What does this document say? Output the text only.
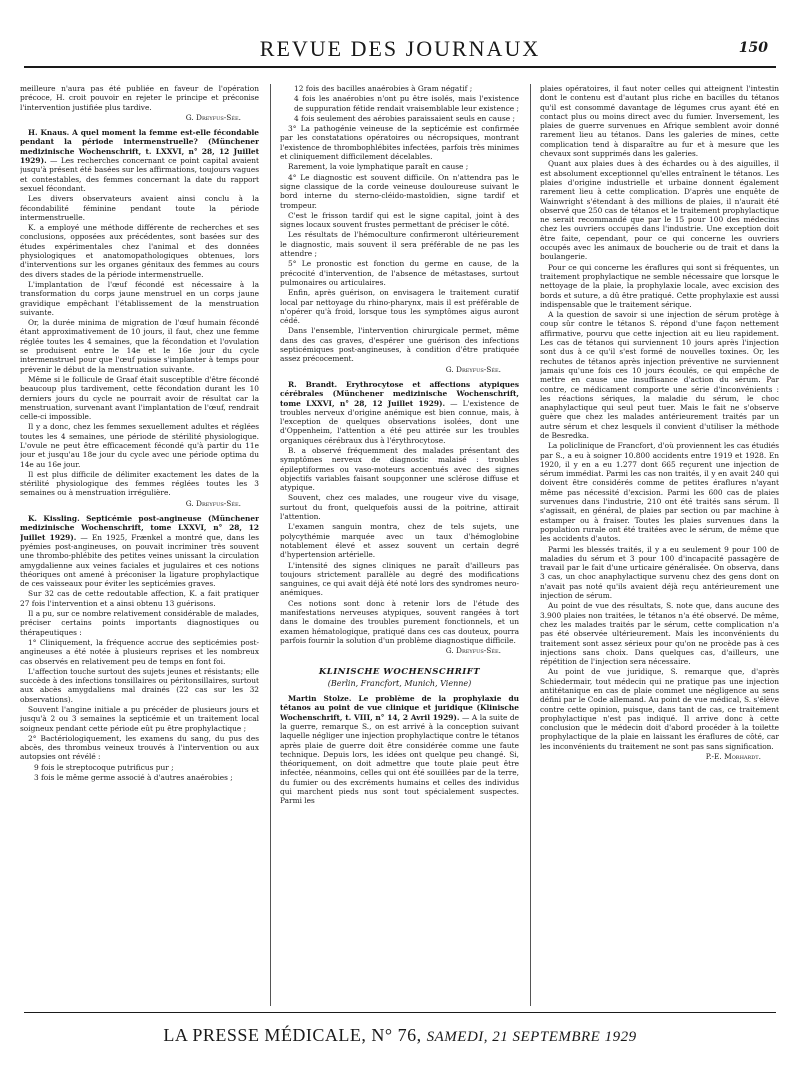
REVUE DES JOURNAUX	150

meilleure n'aura pas été publiée en faveur de l'opération précoce, H. croit pouvoir en rejeter le principe et préconise l'intervention justifiée plus tardive.

G. Dreyfus-Sée.

H. Knaus. A quel moment la femme est-elle fécondable pendant la période intermenstruelle? (Münchener medizinische Wochenschrift, t. LXXVI, n° 28, 12 Juillet 1929). — Les recherches concernant ce point capital avaient jusqu'à présent été basées sur les affirmations, toujours vagues et contestables, des femmes concernant la date du rapport sexuel fécondant.

Les divers observateurs avaient ainsi conclu à la fécondabilité féminine pendant toute la période intermenstruelle.

K. a employé une méthode différente de recherches et ses conclusions, opposées aux précédentes, sont basées sur des études expérimentales chez l'animal et des données physiologiques et anatomopathologiques obtenues, lors d'interventions sur les organes génitaux des femmes au cours des divers stades de la période intermenstruelle.

L'implantation de l'œuf fécondé est nécessaire à la transformation du corps jaune menstruel en un corps jaune gravidique empêchant l'établissement de la menstruation suivante.

Or, la durée minima de migration de l'œuf humain fécondé étant approximativement de 10 jours, il faut, chez une femme réglée toutes les 4 semaines, que la fécondation et l'ovulation se produisent entre le 14e et le 16e jour du cycle intermenstruel pour que l'œuf puisse s'implanter à temps pour prévenir le début de la menstruation suivante.

Même si le follicule de Graaf était susceptible d'être fécondé beaucoup plus tardivement, cette fécondation durant les 10 derniers jours du cycle ne pourrait avoir de résultat car la menstruation, survenant avant l'implantation de l'œuf, rendrait celle-ci impossible.

Il y a donc, chez les femmes sexuellement adultes et réglées toutes les 4 semaines, une période de stérilité physiologique. L'ovule ne peut être efficacement fécondé qu'à partir du 11e jour et jusqu'au 18e jour du cycle avec une période optima du 14e au 16e jour.

Il est plus difficile de délimiter exactement les dates de la stérilité physiologique des femmes réglées toutes les 3 semaines ou à menstruation irrégulière.

G. Dreyfus-Sée.

K. Kissling. Septicémie post-angineuse (Münchener medizinische Wochenschrift, tome LXXVI, n° 28, 12 Juillet 1929). — En 1925, Frænkel a montré que, dans les pyémies post-angineuses, on pouvait incriminer très souvent une thrombo-phlébite des petites veines unissant la circulation amygdalienne aux veines faciales et jugulaires et ces notions théoriques ont amené à préconiser la ligature prophylactique de ces vaisseaux pour éviter les septicémies graves.

Sur 32 cas de cette redoutable affection, K. a fait pratiquer 27 fois l'intervention et a ainsi obtenu 13 guérisons.

Il a pu, sur ce nombre relativement considérable de malades, préciser certains points importants diagnostiques ou thérapeutiques :

1° Cliniquement, la fréquence accrue des septicémies post-angineuses a été notée à plusieurs reprises et les nombreux cas observés en relativement peu de temps en font foi.

L'affection touche surtout des sujets jeunes et résistants; elle succède à des infections tonsillaires ou péritonsillaires, surtout aux abcès amygdaliens mal drainés (22 cas sur les 32 observations).

Souvent l'angine initiale a pu précéder de plusieurs jours et jusqu'à 2 ou 3 semaines la septicémie et un traitement local soigneux pendant cette période eût pu être prophylactique ;

2° Bactériologiquement, les examens du sang, du pus des abcès, des thrombus veineux trouvés à l'intervention ou aux autopsies ont révélé :

9 fois le streptocoque putrificus pur ;

3 fois le même germe associé à d'autres anaérobies ;

12 fois des bacilles anaérobies à Gram négatif ;

4 fois les anaérobies n'ont pu être isolés, mais l'existence de suppuration fétide rendait vraisemblable leur existence ;

4 fois seulement des aérobies paraissaient seuls en cause ;

3° La pathogénie veineuse de la septicémie est confirmée par les constatations opératoires ou nécropsiques, montrant l'existence de thrombophlébites infectées, parfois très minimes et cliniquement difficilement décelables.

Rarement, la voie lymphatique paraît en cause ;

4° Le diagnostic est souvent difficile. On n'attendra pas le signe classique de la corde veineuse douloureuse suivant le bord interne du sterno-cléido-mastoïdien, signe tardif et trompeur.

C'est le frisson tardif qui est le signe capital, joint à des signes locaux souvent frustes permettant de préciser le côté.

Les résultats de l'hémoculture confirmeront ultérieurement le diagnostic, mais souvent il sera préférable de ne pas les attendre ;

5° Le pronostic est fonction du germe en cause, de la précocité d'intervention, de l'absence de métastases, surtout pulmonaires ou articulaires.

Enfin, après guérison, on envisagera le traitement curatif local par nettoyage du rhino-pharynx, mais il est préférable de n'opérer qu'à froid, lorsque tous les symptômes aigus auront cédé.

Dans l'ensemble, l'intervention chirurgicale permet, même dans des cas graves, d'espérer une guérison des infections septicémiques post-angineuses, à condition d'être pratiquée assez précocement.

G. Dreyfus-Sée.

R. Brandt. Erythrocytose et affections atypiques cérébrales (Münchener medizinische Wochenschrift, tome LXXVI, n° 28, 12 Juillet 1929). — L'existence de troubles nerveux d'origine anémique est bien connue, mais, à l'exception de quelques observations isolées, dont une d'Oppenheim, l'attention a été peu attirée sur les troubles organiques cérébraux dus à l'érythrocytose.

B. a observé fréquemment des malades présentant des symptômes nerveux de diagnostic malaisé : troubles épileptiformes ou vaso-moteurs accentués avec des signes objectifs variables faisant soupçonner une sclérose diffuse et atypique.

Souvent, chez ces malades, une rougeur vive du visage, surtout du front, quelquefois aussi de la poitrine, attirait l'attention.

L'examen sanguin montra, chez de tels sujets, une polycythémie marquée avec un taux d'hémoglobine notablement élevé et assez souvent un certain degré d'hypertension artérielle.

L'intensité des signes cliniques ne paraît d'ailleurs pas toujours strictement parallèle au degré des modifications sanguines, ce qui avait déjà été noté lors des syndromes neuro-anémiques.

Ces notions sont donc à retenir lors de l'étude des manifestations nerveuses atypiques, souvent rangées à tort dans le domaine des troubles purement fonctionnels, et un examen hématologique, pratiqué dans ces cas douteux, pourra parfois fournir la solution d'un problème diagnostique difficile.

G. Dreyfus-Sée.
KLINISCHE WOCHENSCHRIFT
(Berlin, Francfort, Munich, Vienne)

Martin Stolze. Le problème de la prophylaxie du tétanos au point de vue clinique et juridique (Klinische Wochenschrift, t. VIII, n° 14, 2 Avril 1929). — A la suite de la guerre, remarque S., on est arrivé à la conception suivant laquelle négliger une injection prophylactique contre le tétanos après plaie de guerre doit être considérée comme une faute technique. Depuis lors, les idées ont quelque peu changé. Si, théoriquement, on doit admettre que toute plaie peut être infectée, néanmoins, celles qui ont été souillées par de la terre, du fumier ou des excréments humains et celles des individus qui marchent pieds nus sont tout spécialement suspectes. Parmi les

plaies opératoires, il faut noter celles qui atteignent l'intestin dont le contenu est d'autant plus riche en bacilles du tétanos qu'il est consommé davantage de légumes crus ayant été en contact plus ou moins direct avec du fumier. Inversement, les plaies de guerre survenues en Afrique semblent avoir donné rarement lieu au tétanos. Dans les galeries de mines, cette complication tend à disparaître au fur et à mesure que les chevaux sont supprimés dans les galeries.

Quant aux plaies dues à des échardes ou à des aiguilles, il est absolument exceptionnel qu'elles entraînent le tétanos. Les plaies d'origine industrielle et urbaine donnent également rarement lieu à cette complication. D'après une enquête de Wainwright s'étendant à des millions de plaies, il n'aurait été observé que 250 cas de tétanos et le traitement prophylactique ne serait recommandé que par le 15 pour 100 des médecins chez les ouvriers occupés dans l'industrie. Une exception doit être faite, cependant, pour ce qui concerne les ouvriers occupés avec les animaux de boucherie ou de trait et dans la boulangerie.

Pour ce qui concerne les éraflures qui sont si fréquentes, un traitement prophylactique ne semble nécessaire que lorsque le nettoyage de la plaie, la prophylaxie locale, avec excision des bords et suture, a dû être pratiqué. Cette prophylaxie est aussi indispensable que le traitement sérique.

A la question de savoir si une injection de sérum protège à coup sûr contre le tétanos S. répond d'une façon nettement affirmative, pourvu que cette injection ait eu lieu rapidement. Les cas de tétanos qui surviennent 10 jours après l'injection sont dus à ce qu'il s'est formé de nouvelles toxines. Or, les rechutes de tétanos après injection préventive ne surviennent jamais qu'une fois ces 10 jours écoulés, ce qui empêche de mettre en cause une insuffisance d'action du sérum. Par contre, ce médicament comporte une série d'inconvénients : les réactions sériques, la maladie du sérum, le choc anaphylactique qui seul peut tuer. Mais le fait ne s'observe guère que chez les malades antérieurement traités par un autre sérum et chez lesquels il convient d'utiliser la méthode de Besredka.

La policlinique de Francfort, d'où proviennent les cas étudiés par S., a eu à soigner 10.800 accidents entre 1919 et 1928. En 1920, il y en a eu 1.277 dont 665 reçurent une injection de sérum immédiat. Parmi les cas non traités, il y en avait 240 qui doivent être considérés comme de petites éraflures n'ayant même pas nécessité d'excision. Parmi les 600 cas de plaies survenues dans l'industrie, 210 ont été traités sans sérum. Il s'agissait, en général, de plaies par section ou par machine à estamper ou à fraiser. Toutes les plaies survenues dans la population rurale ont été traitées avec le sérum, de même que les accidents d'autos.

Parmi les blessés traités, il y a eu seulement 9 pour 100 de maladies du sérum et 3 pour 100 d'incapacité passagère de travail par le fait d'une urticaire généralisée. On observa, dans 3 cas, un choc anaphylactique survenu chez des gens dont on n'avait pas noté qu'ils avaient déjà reçu antérieurement une injection de sérum.

Au point de vue des résultats, S. note que, dans aucune des 3.900 plaies non traitées, le tétanos n'a été observé. De même, chez les malades traités par le sérum, cette complication n'a pas été observée ultérieurement. Mais les inconvénients du traitement sont assez sérieux pour qu'on ne procède pas à ces injections sans choix. Dans quelques cas, d'ailleurs, une répétition de l'injection sera nécessaire.

Au point de vue juridique, S. remarque que, d'après Schiedermair, tout médecin qui ne pratique pas une injection antitétanique en cas de plaie commet une négligence au sens défini par le Code allemand. Au point de vue médical, S. s'élève contre cette opinion, puisque, dans tant de cas, ce traitement prophylactique n'est pas indiqué. Il arrive donc à cette conclusion que le médecin doit d'abord procéder à la toilette prophylactique de la plaie en laissant les éraflures de côté, car les inconvénients du traitement ne sont pas sans signification.

P.-E. Morhardt.
LA PRESSE MÉDICALE, N° 76, SAMEDI, 21 SEPTEMBRE 1929
